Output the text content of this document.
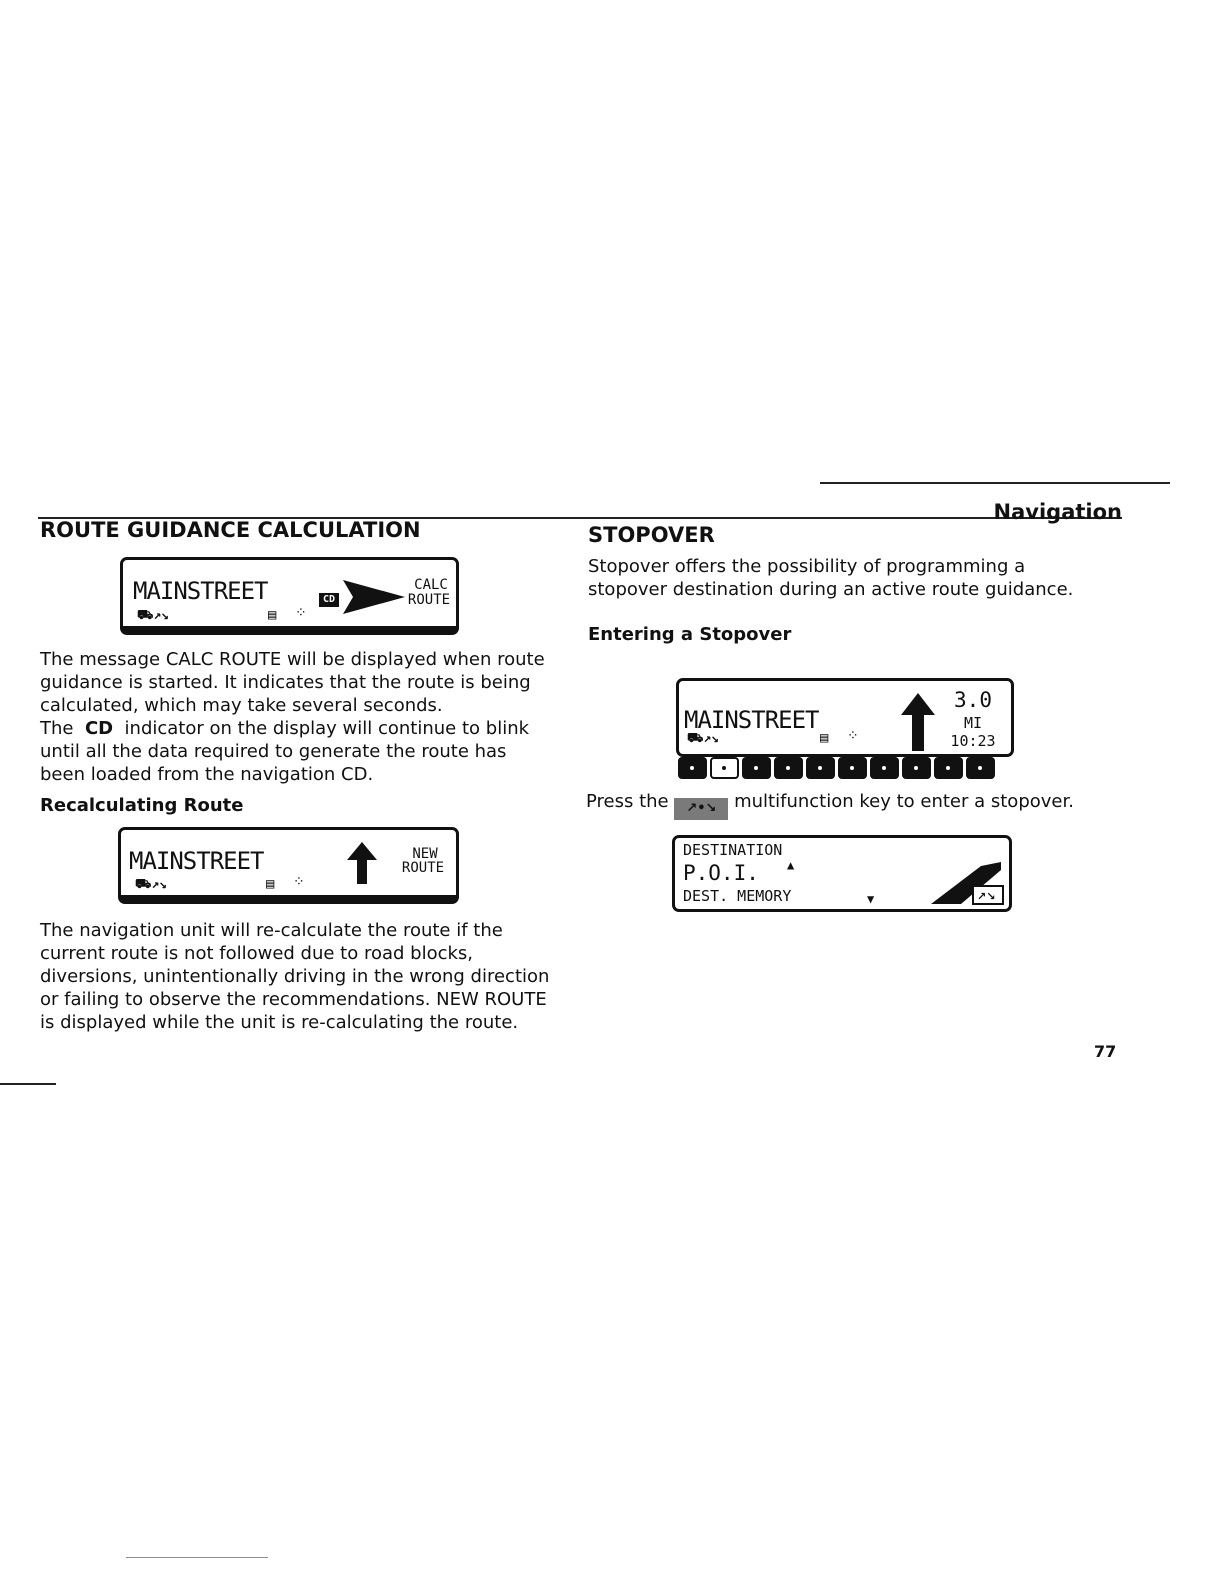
Navigation
ROUTE GUIDANCE CALCULATION
MAINSTREET
⛟↗↘	▤ ⁘
CD
CALC
ROUTE
The message CALC ROUTE will be displayed when route
guidance is started. It indicates that the route is being
calculated, which may take several seconds.
The CD indicator on the display will continue to blink
until all the data required to generate the route has
been loaded from the navigation CD.
Recalculating Route
MAINSTREET
⛟↗↘	▤ ⁘
NEW
ROUTE
The navigation unit will re-calculate the route if the
current route is not followed due to road blocks,
diversions, unintentionally driving in the wrong direction
or failing to observe the recommendations. NEW ROUTE
is displayed while the unit is re-calculating the route.
STOPOVER
Stopover offers the possibility of programming a
stopover destination during an active route guidance.
Entering a Stopover
MAINSTREET
⛟↗↘	▤ ⁘
3.0
MI
10:23
Press the ↗•↘ multifunction key to enter a stopover.
DESTINATION
P.O.I.
DEST. MEMORY
▲
▼	↗↘
77
